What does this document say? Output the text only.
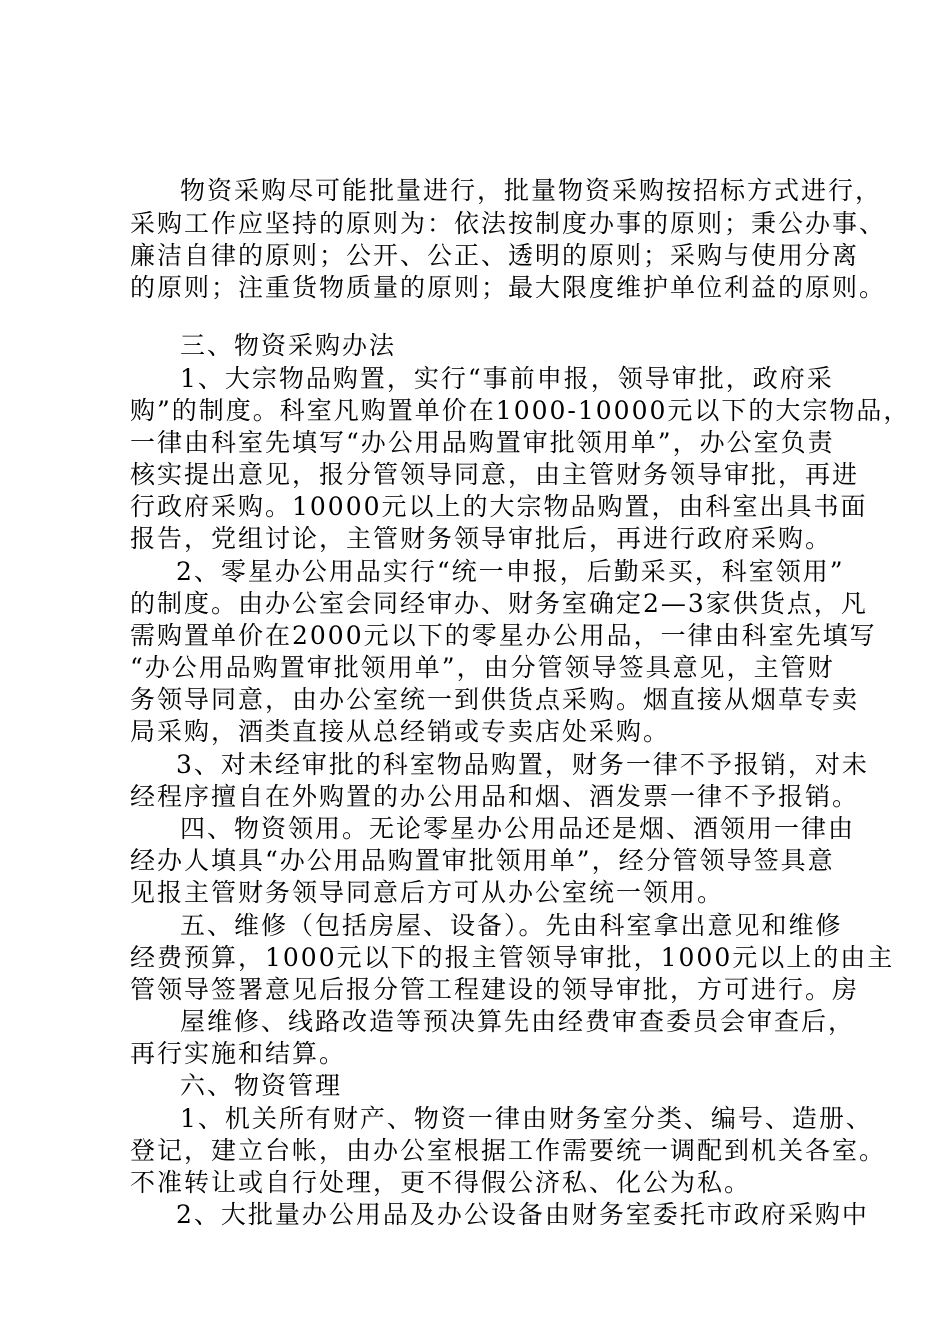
物资采购尽可能批量进行，批量物资采购按招标方式进行，

采购工作应坚持的原则为：依法按制度办事的原则；秉公办事、

廉洁自律的原则；公开、公正、透明的原则；采购与使用分离

的原则；注重货物质量的原则；最大限度维护单位利益的原则。

三、物资采购办法

1、大宗物品购置，实行“事前申报，领导审批，政府采

购”的制度。科室凡购置单价在1000-10000元以下的大宗物品，

一律由科室先填写“办公用品购置审批领用单”，办公室负责

核实提出意见，报分管领导同意，由主管财务领导审批，再进

行政府采购。10000元以上的大宗物品购置，由科室出具书面

报告，党组讨论，主管财务领导审批后，再进行政府采购。

2、零星办公用品实行“统一申报，后勤采买，科室领用”

的制度。由办公室会同经审办、财务室确定2—3家供货点，凡

需购置单价在2000元以下的零星办公用品，一律由科室先填写

“办公用品购置审批领用单”，由分管领导签具意见，主管财

务领导同意，由办公室统一到供货点采购。烟直接从烟草专卖

局采购，酒类直接从总经销或专卖店处采购。

3、对未经审批的科室物品购置，财务一律不予报销，对未

经程序擅自在外购置的办公用品和烟、酒发票一律不予报销。

四、物资领用。无论零星办公用品还是烟、酒领用一律由

经办人填具“办公用品购置审批领用单”，经分管领导签具意

见报主管财务领导同意后方可从办公室统一领用。

五、维修（包括房屋、设备）。先由科室拿出意见和维修

经费预算，1000元以下的报主管领导审批，1000元以上的由主

管领导签署意见后报分管工程建设的领导审批，方可进行。房

屋维修、线路改造等预决算先由经费审查委员会审查后，

再行实施和结算。

六、物资管理

1、机关所有财产、物资一律由财务室分类、编号、造册、

登记，建立台帐，由办公室根据工作需要统一调配到机关各室。

不准转让或自行处理，更不得假公济私、化公为私。

2、大批量办公用品及办公设备由财务室委托市政府采购中
